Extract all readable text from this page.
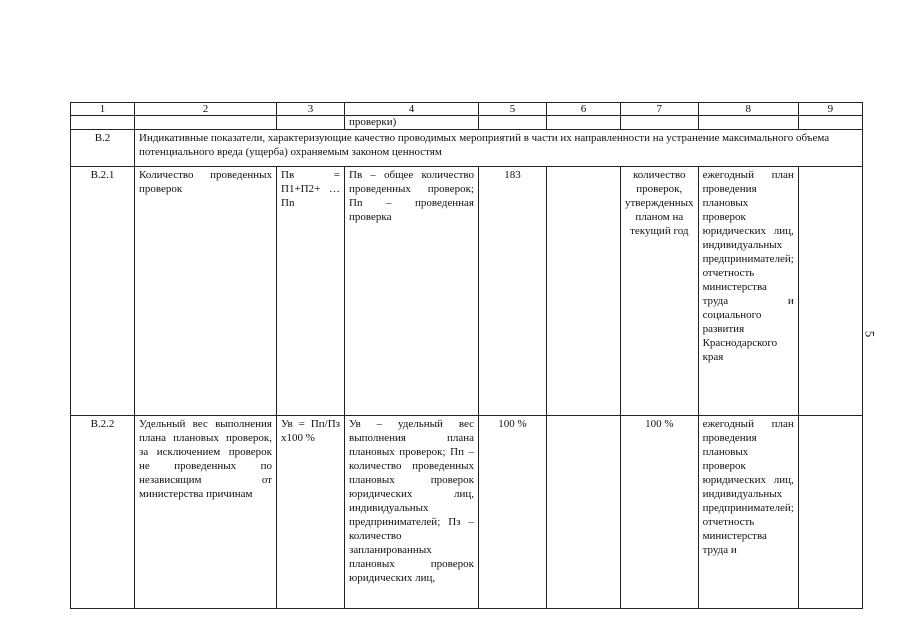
1	2	3	4	5	6	7	8	9
			проверки)					
В.2	Индикативные показатели, характеризующие качество проводимых мероприятий в части их направленности на устранение максимального объема потенциального вреда (ущерба) охраняемым законом ценностям							
В.2.1	Количество проведенных проверок	Пв = П1+П2+ … Пn	Пв – общее количество проведенных проверок; Пn – проведенная проверка	183		количество проверок, утвержденных планом на текущий год	ежегодный план проведения плановых проверок юридических лиц, индивидуальных предпринимателей; отчетность министерства труда и социального развития Краснодарского края	
В.2.2	Удельный вес выполнения плана плановых проверок, за исключением проверок не проведенных по независящим от министерства причинам	Ув = Пп/Пз х100 %	Ув – удельный вес выполнения плана плановых проверок; Пп – количество проведенных плановых проверок юридических лиц, индивидуальных предпринимателей; Пз – количество запланированных плановых проверок юридических лиц,	100 %		100 %	ежегодный план проведения плановых проверок юридических лиц, индивидуальных предпринимателей; отчетность министерства труда и	
5
